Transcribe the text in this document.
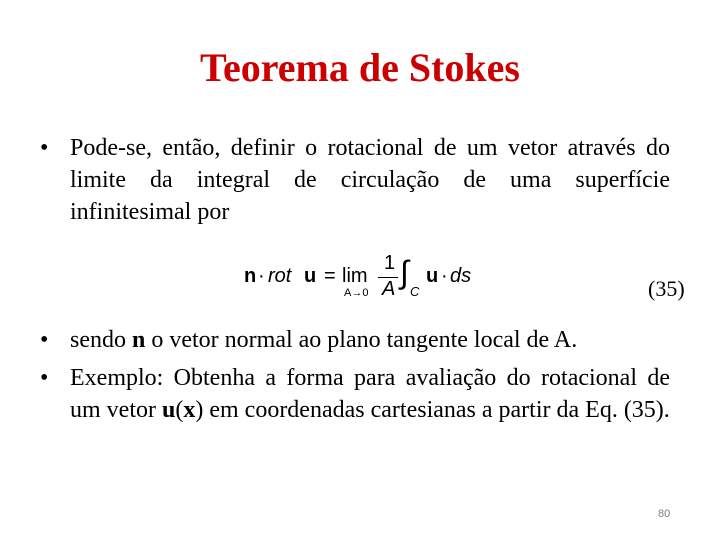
Teorema de Stokes
• Pode-se, então, definir o rotacional de um vetor através do limite da integral de circulação de uma superfície infinitesimal por
n · rot u = lim
A→0
1
A ∫
C
u · ds	(35)
• sendo n o vetor normal ao plano tangente local de A.
• Exemplo: Obtenha a forma para avaliação do rotacional de um vetor u(x) em coordenadas cartesianas a partir da Eq. (35).
80
